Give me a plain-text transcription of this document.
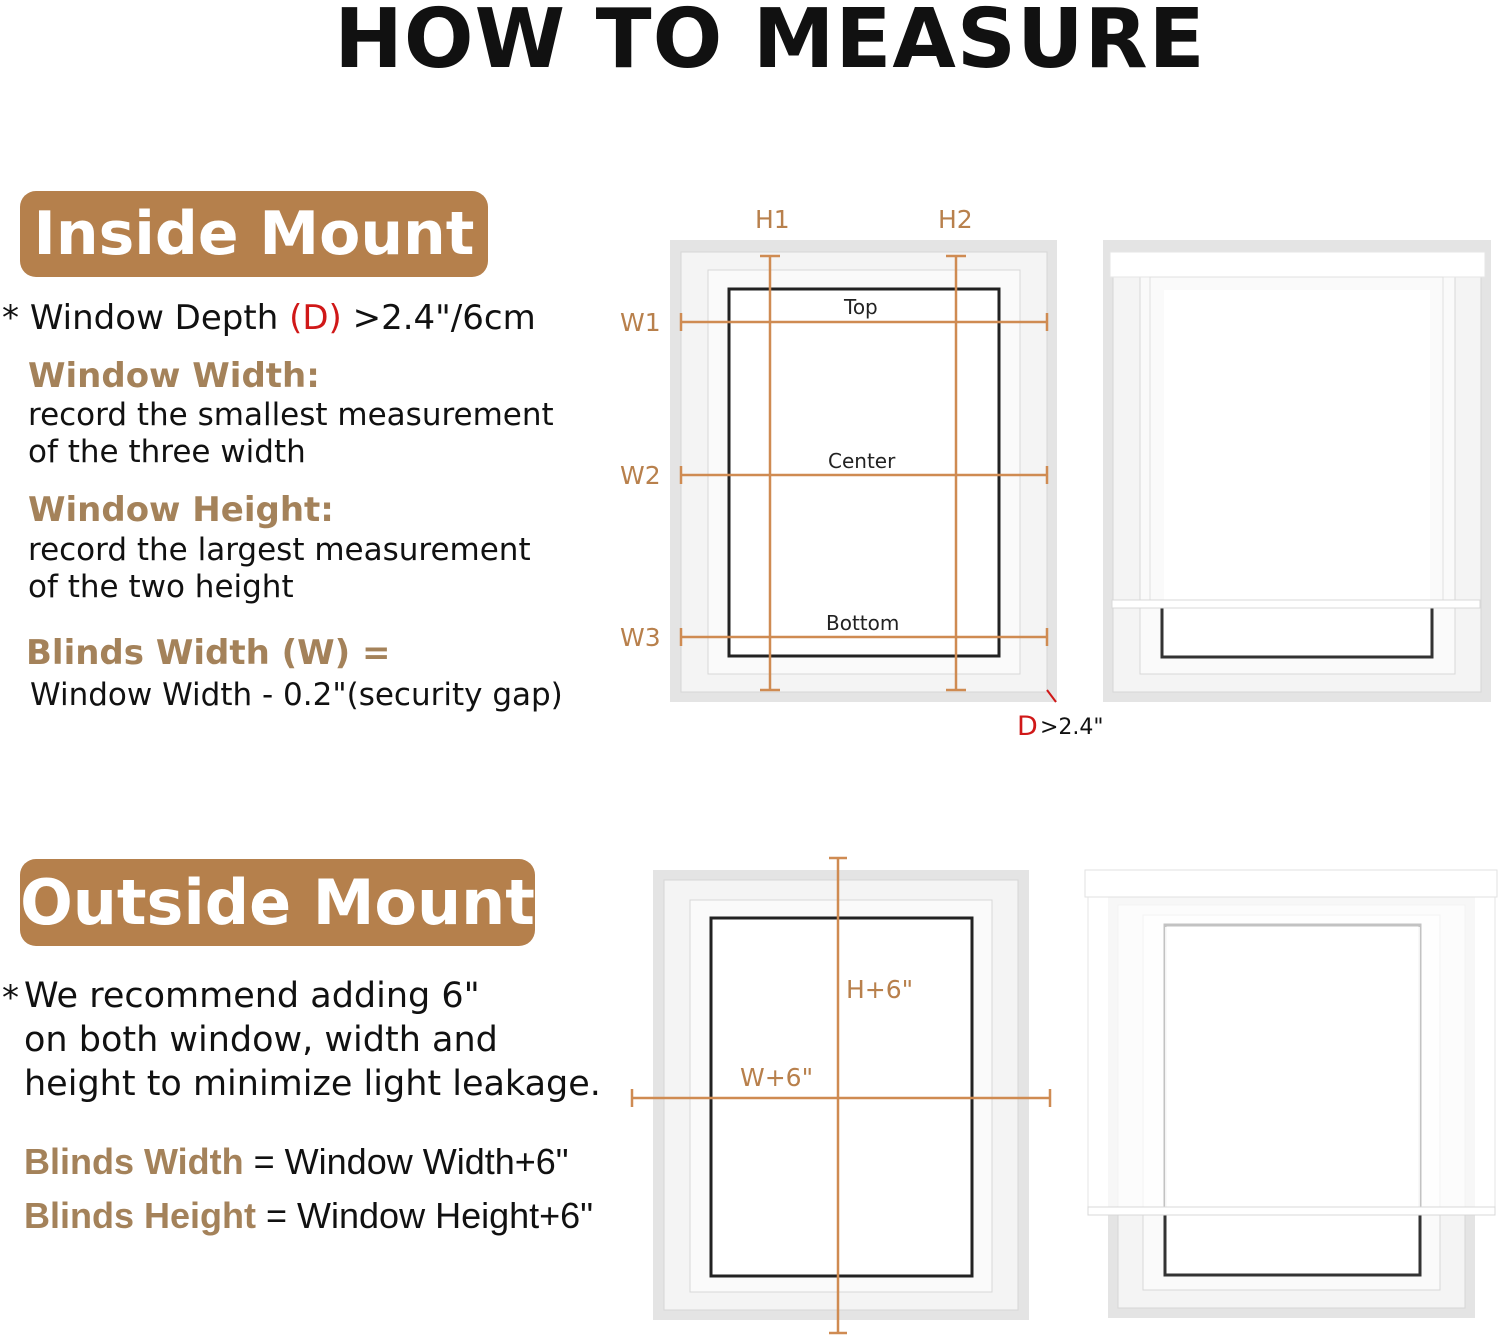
HOW TO MEASURE
Inside Mount
* Window Depth (D) >2.4"/6cm
Window Width:
record the smallest measurement
of the three width
Window Height:
record the largest measurement
of the two height
Blinds Width (W) =
Window Width - 0.2"(security gap)
Outside Mount
* We recommend adding 6"
on both window, width and
height to minimize light leakage.
Blinds Width = Window Width+6"
Blinds Height = Window Height+6"
H1	H2
W1
W2
W3
Top
Center
Bottom
D >2.4"
H+6"
W+6"
